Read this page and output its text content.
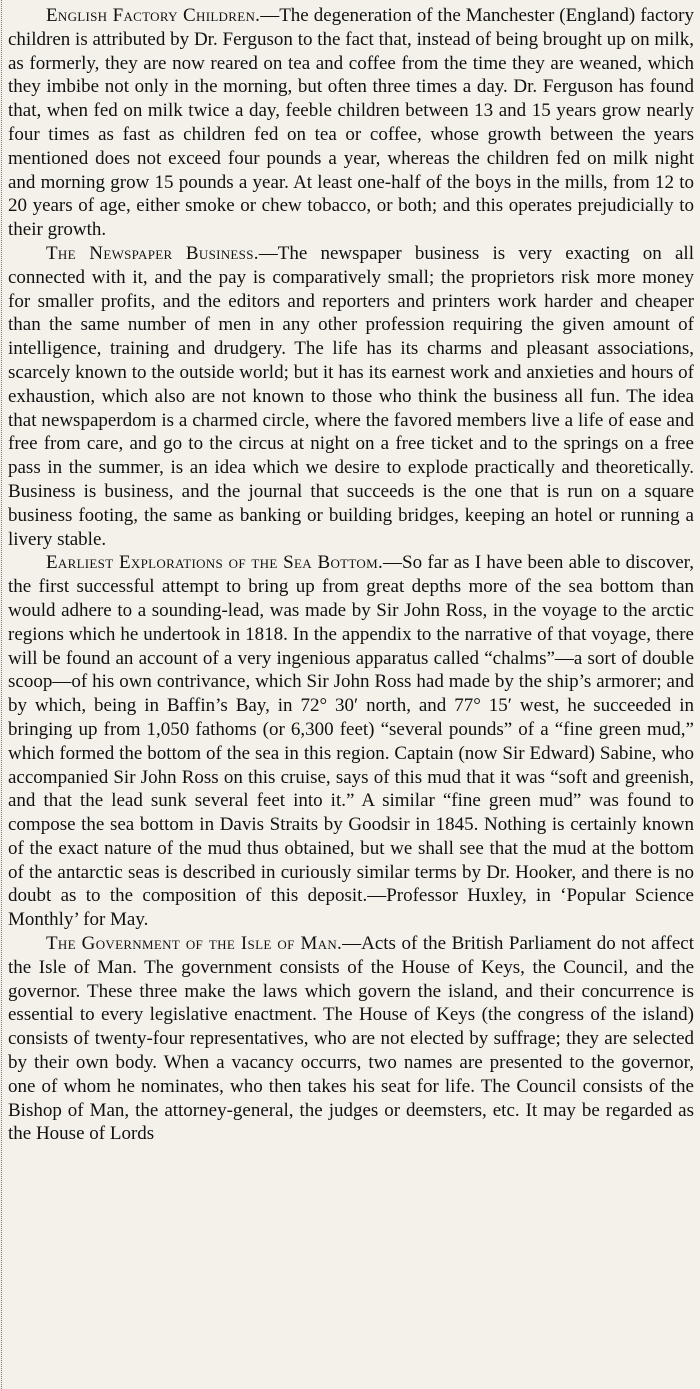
English Factory Children.—The degeneration of the Manchester (England) factory children is attributed by Dr. Ferguson to the fact that, instead of being brought up on milk, as formerly, they are now reared on tea and coffee from the time they are weaned, which they imbibe not only in the morning, but often three times a day. Dr. Ferguson has found that, when fed on milk twice a day, feeble children between 13 and 15 years grow nearly four times as fast as children fed on tea or coffee, whose growth between the years mentioned does not exceed four pounds a year, whereas the children fed on milk night and morning grow 15 pounds a year. At least one-half of the boys in the mills, from 12 to 20 years of age, either smoke or chew tobacco, or both; and this operates prejudicially to their growth.

The Newspaper Business.—The newspaper business is very exacting on all connected with it, and the pay is comparatively small; the proprietors risk more money for smaller profits, and the editors and reporters and printers work harder and cheaper than the same number of men in any other profession requiring the given amount of intelligence, training and drudgery. The life has its charms and pleasant associations, scarcely known to the outside world; but it has its earnest work and anxieties and hours of exhaustion, which also are not known to those who think the business all fun. The idea that newspaperdom is a charmed circle, where the favored members live a life of ease and free from care, and go to the circus at night on a free ticket and to the springs on a free pass in the summer, is an idea which we desire to explode practically and theoretically. Business is business, and the journal that succeeds is the one that is run on a square business footing, the same as banking or building bridges, keeping an hotel or running a livery stable.

Earliest Explorations of the Sea Bottom.—So far as I have been able to discover, the first successful attempt to bring up from great depths more of the sea bottom than would adhere to a sounding-lead, was made by Sir John Ross, in the voyage to the arctic regions which he undertook in 1818. In the appendix to the narrative of that voyage, there will be found an account of a very ingenious apparatus called “chalms”—a sort of double scoop—of his own contrivance, which Sir John Ross had made by the ship’s armorer; and by which, being in Baffin’s Bay, in 72° 30′ north, and 77° 15′ west, he succeeded in bringing up from 1,050 fathoms (or 6,300 feet) “several pounds” of a “fine green mud,” which formed the bottom of the sea in this region. Captain (now Sir Edward) Sabine, who accompanied Sir John Ross on this cruise, says of this mud that it was “soft and greenish, and that the lead sunk several feet into it.” A similar “fine green mud” was found to compose the sea bottom in Davis Straits by Goodsir in 1845. Nothing is certainly known of the exact nature of the mud thus obtained, but we shall see that the mud at the bottom of the antarctic seas is described in curiously similar terms by Dr. Hooker, and there is no doubt as to the composition of this deposit.—Professor Huxley, in ‘Popular Science Monthly’ for May.

The Government of the Isle of Man.—Acts of the British Parliament do not affect the Isle of Man. The government consists of the House of Keys, the Council, and the governor. These three make the laws which govern the island, and their concurrence is essential to every legislative enactment. The House of Keys (the congress of the island) consists of twenty-four representatives, who are not elected by suffrage; they are selected by their own body. When a vacancy occurrs, two names are presented to the governor, one of whom he nominates, who then takes his seat for life. The Council consists of the Bishop of Man, the attorney-general, the judges or deemsters, etc. It may be regarded as the House of Lords
